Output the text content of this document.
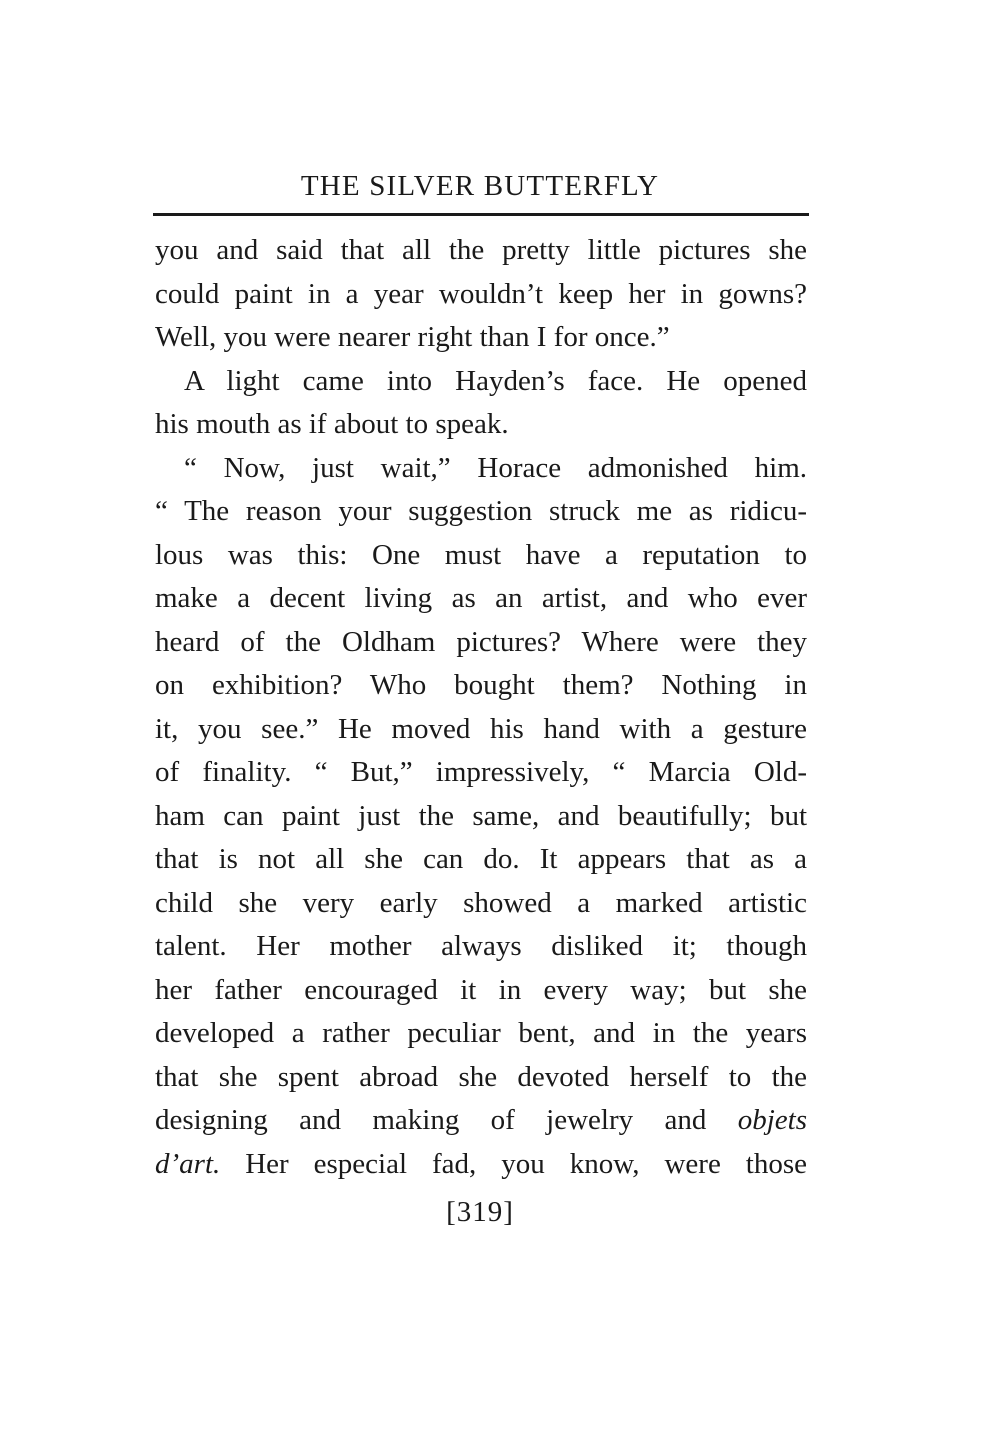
THE SILVER BUTTERFLY
you and said that all the pretty little pictures she
could paint in a year wouldn’t keep her in gowns?
Well, you were nearer right than I for once.”
A light came into Hayden’s face. He opened
his mouth as if about to speak.
“ Now, just wait,” Horace admonished him.
“ The reason your suggestion struck me as ridicu-
lous was this: One must have a reputation to
make a decent living as an artist, and who ever
heard of the Oldham pictures? Where were they
on exhibition? Who bought them? Nothing in
it, you see.” He moved his hand with a gesture
of finality. “ But,” impressively, “ Marcia Old-
ham can paint just the same, and beautifully; but
that is not all she can do. It appears that as a
child she very early showed a marked artistic
talent. Her mother always disliked it; though
her father encouraged it in every way; but she
developed a rather peculiar bent, and in the years
that she spent abroad she devoted herself to the
designing and making of jewelry and objets
d’art. Her especial fad, you know, were those
[319]
